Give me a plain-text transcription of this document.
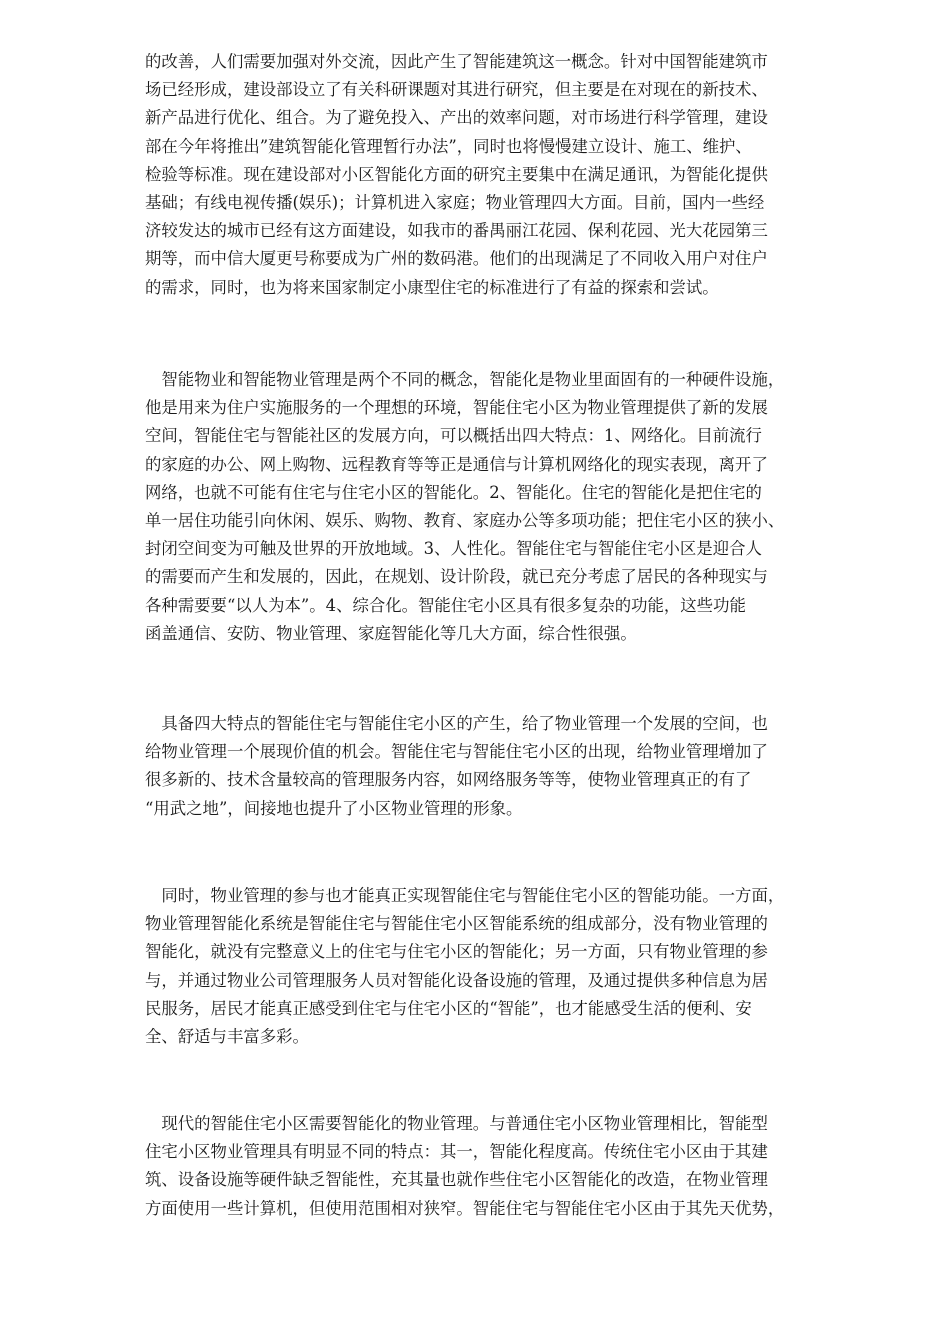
的改善，人们需要加强对外交流，因此产生了智能建筑这一概念。针对中国智能建筑市
场已经形成，建设部设立了有关科研课题对其进行研究，但主要是在对现在的新技术、
新产品进行优化、组合。为了避免投入、产出的效率问题，对市场进行科学管理，建设
部在今年将推出”建筑智能化管理暂行办法”，同时也将慢慢建立设计、施工、维护、
检验等标准。现在建设部对小区智能化方面的研究主要集中在满足通讯，为智能化提供
基础；有线电视传播(娱乐)；计算机进入家庭；物业管理四大方面。目前，国内一些经
济较发达的城市已经有这方面建设，如我市的番禺丽江花园、保利花园、光大花园第三
期等，而中信大厦更号称要成为广州的数码港。他们的出现满足了不同收入用户对住户
的需求，同时，也为将来国家制定小康型住宅的标准进行了有益的探索和尝试。
　智能物业和智能物业管理是两个不同的概念，智能化是物业里面固有的一种硬件设施，
他是用来为住户实施服务的一个理想的环境，智能住宅小区为物业管理提供了新的发展
空间，智能住宅与智能社区的发展方向，可以概括出四大特点：1、网络化。目前流行
的家庭的办公、网上购物、远程教育等等正是通信与计算机网络化的现实表现，离开了
网络，也就不可能有住宅与住宅小区的智能化。2、智能化。住宅的智能化是把住宅的
单一居住功能引向休闲、娱乐、购物、教育、家庭办公等多项功能；把住宅小区的狭小、
封闭空间变为可触及世界的开放地域。3、人性化。智能住宅与智能住宅小区是迎合人
的需要而产生和发展的，因此，在规划、设计阶段，就已充分考虑了居民的各种现实与
各种需要要“以人为本”。4、综合化。智能住宅小区具有很多复杂的功能，这些功能
函盖通信、安防、物业管理、家庭智能化等几大方面，综合性很强。
　具备四大特点的智能住宅与智能住宅小区的产生，给了物业管理一个发展的空间，也
给物业管理一个展现价值的机会。智能住宅与智能住宅小区的出现，给物业管理增加了
很多新的、技术含量较高的管理服务内容，如网络服务等等，使物业管理真正的有了
“用武之地”，间接地也提升了小区物业管理的形象。
　同时，物业管理的参与也才能真正实现智能住宅与智能住宅小区的智能功能。一方面，
物业管理智能化系统是智能住宅与智能住宅小区智能系统的组成部分，没有物业管理的
智能化，就没有完整意义上的住宅与住宅小区的智能化；另一方面，只有物业管理的参
与，并通过物业公司管理服务人员对智能化设备设施的管理，及通过提供多种信息为居
民服务，居民才能真正感受到住宅与住宅小区的“智能”，也才能感受生活的便利、安
全、舒适与丰富多彩。
　现代的智能住宅小区需要智能化的物业管理。与普通住宅小区物业管理相比，智能型
住宅小区物业管理具有明显不同的特点：其一，智能化程度高。传统住宅小区由于其建
筑、设备设施等硬件缺乏智能性，充其量也就作些住宅小区智能化的改造，在物业管理
方面使用一些计算机，但使用范围相对狭窄。智能住宅与智能住宅小区由于其先天优势，
